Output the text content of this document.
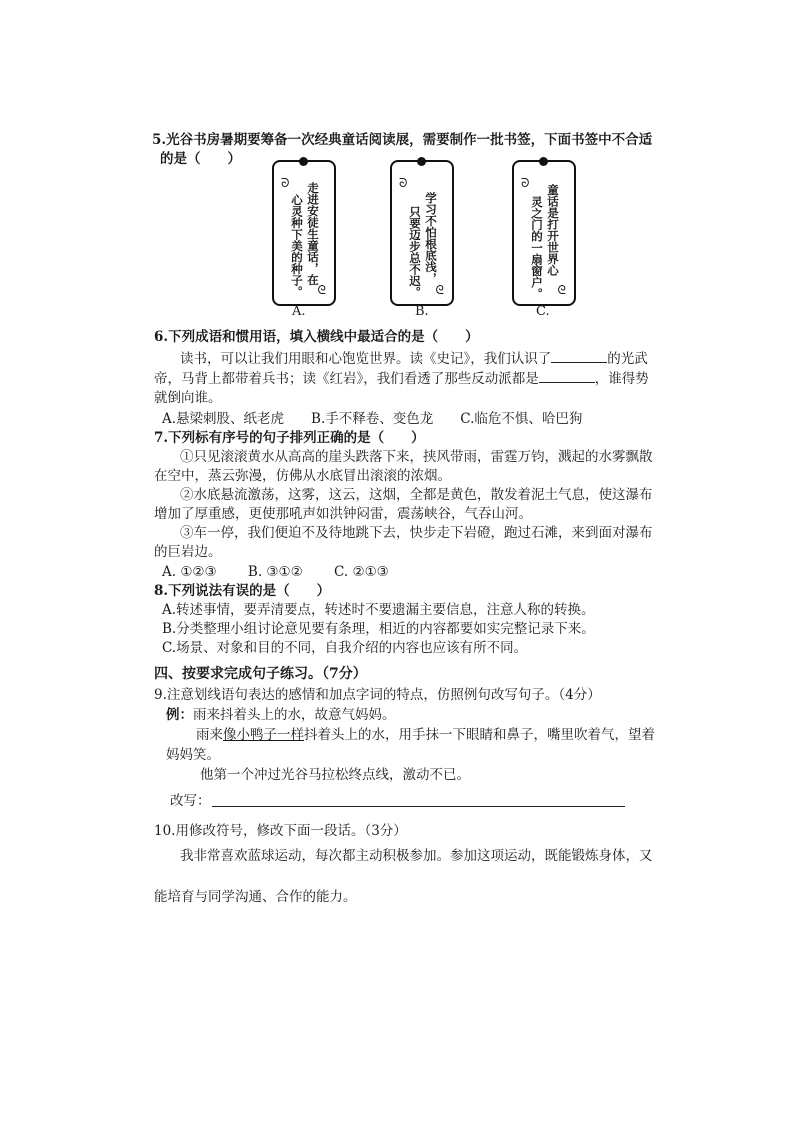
5.光谷书房暑期要筹备一次经典童话阅读展，需要制作一批书签，下面书签中不合适
的是（　　）
ᘐ 走进安徒生童话，在
心灵种下美的种子。 ᘓ
A.
ᘐ
学习不怕根底浅，
只要迈步总不迟。 ᘓ
B.
ᘐ
童话是打开世界心
灵之门的一扇窗户。 ᘓ
C.
6.下列成语和惯用语，填入横线中最适合的是（　　）
读书，可以让我们用眼和心饱览世界。读《史记》，我们认识了	的光武
帝，马背上都带着兵书；读《红岩》，我们看透了那些反动派都是	，谁得势
就倒向谁。
A.悬梁刺股、纸老虎　　B.手不释卷、变色龙　　C.临危不惧、哈巴狗
7.下列标有序号的句子排列正确的是（　　）
①只见滚滚黄水从高高的崖头跌落下来，挟风带雨，雷霆万钧，溅起的水雾飘散
在空中，蒸云弥漫，仿佛从水底冒出滚滚的浓烟。
②水底悬流激荡，这雾，这云，这烟，全都是黄色，散发着泥土气息，使这瀑布
增加了厚重感，更使那吼声如洪钟闷雷，震荡峡谷，气吞山河。
③车一停，我们便迫不及待地跳下去，快步走下岩磴，跑过石滩，来到面对瀑布
的巨岩边。
A. ①②③　　 B. ③①②　　 C. ②①③
8.下列说法有误的是（　　）
A.转述事情，要弄清要点，转述时不要遗漏主要信息，注意人称的转换。
B.分类整理小组讨论意见要有条理，相近的内容都要如实完整记录下来。
C.场景、对象和目的不同，自我介绍的内容也应该有所不同。
四、按要求完成句子练习。（7分）
9.注意划线语句表达的感情和加点字词的特点，仿照例句改写句子。（4分）
例：雨来抖着头上的水，故意气妈妈。
雨来像小鸭子一样抖着头上的水，用手抹一下眼睛和鼻子，嘴里吹着气，望着
妈妈笑。
他第一个冲过光谷马拉松终点线，激动不已。
改写：
10.用修改符号，修改下面一段话。（3分）
我非常喜欢蓝球运动，每次都主动积极参加。参加这项运动，既能锻炼身体，又
能培育与同学沟通、合作的能力。
